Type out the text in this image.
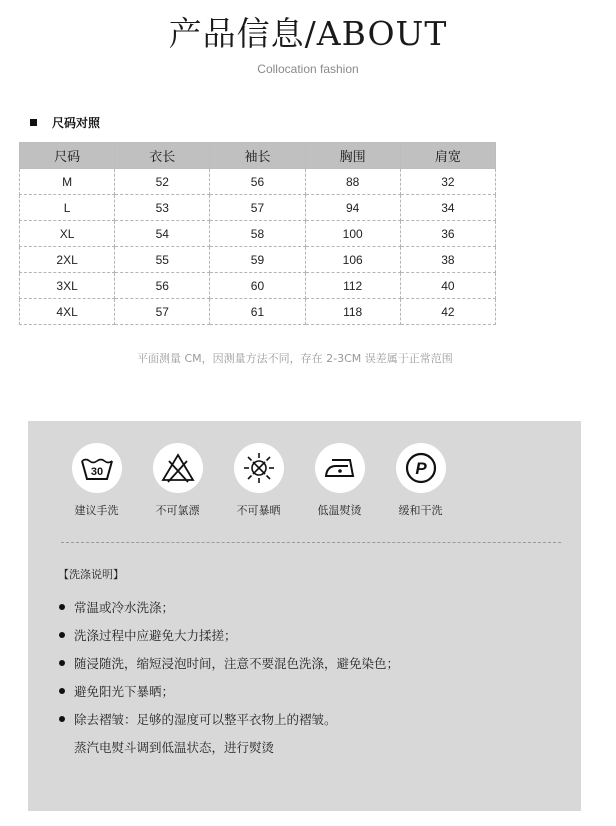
产品信息/ABOUT
Collocation fashion
尺码对照
尺码	衣长	袖长	胸围	肩宽
M	52	56	88	32
L	53	57	94	34
XL	54	58	100	36
2XL	55	59	106	38
3XL	56	60	112	40
4XL	57	61	118	42
平面测量 CM，因测量方法不同，存在 2-3CM 误差属于正常范围
30
建议手洗	不可氯漂	不可暴晒	低温熨烫
P
缓和干洗
【洗涤说明】
常温或冷水洗涤；
洗涤过程中应避免大力揉搓；
随浸随洗，缩短浸泡时间，注意不要混色洗涤，避免染色；
避免阳光下暴晒；
除去褶皱：足够的湿度可以整平衣物上的褶皱。
蒸汽电熨斗调到低温状态，进行熨烫
